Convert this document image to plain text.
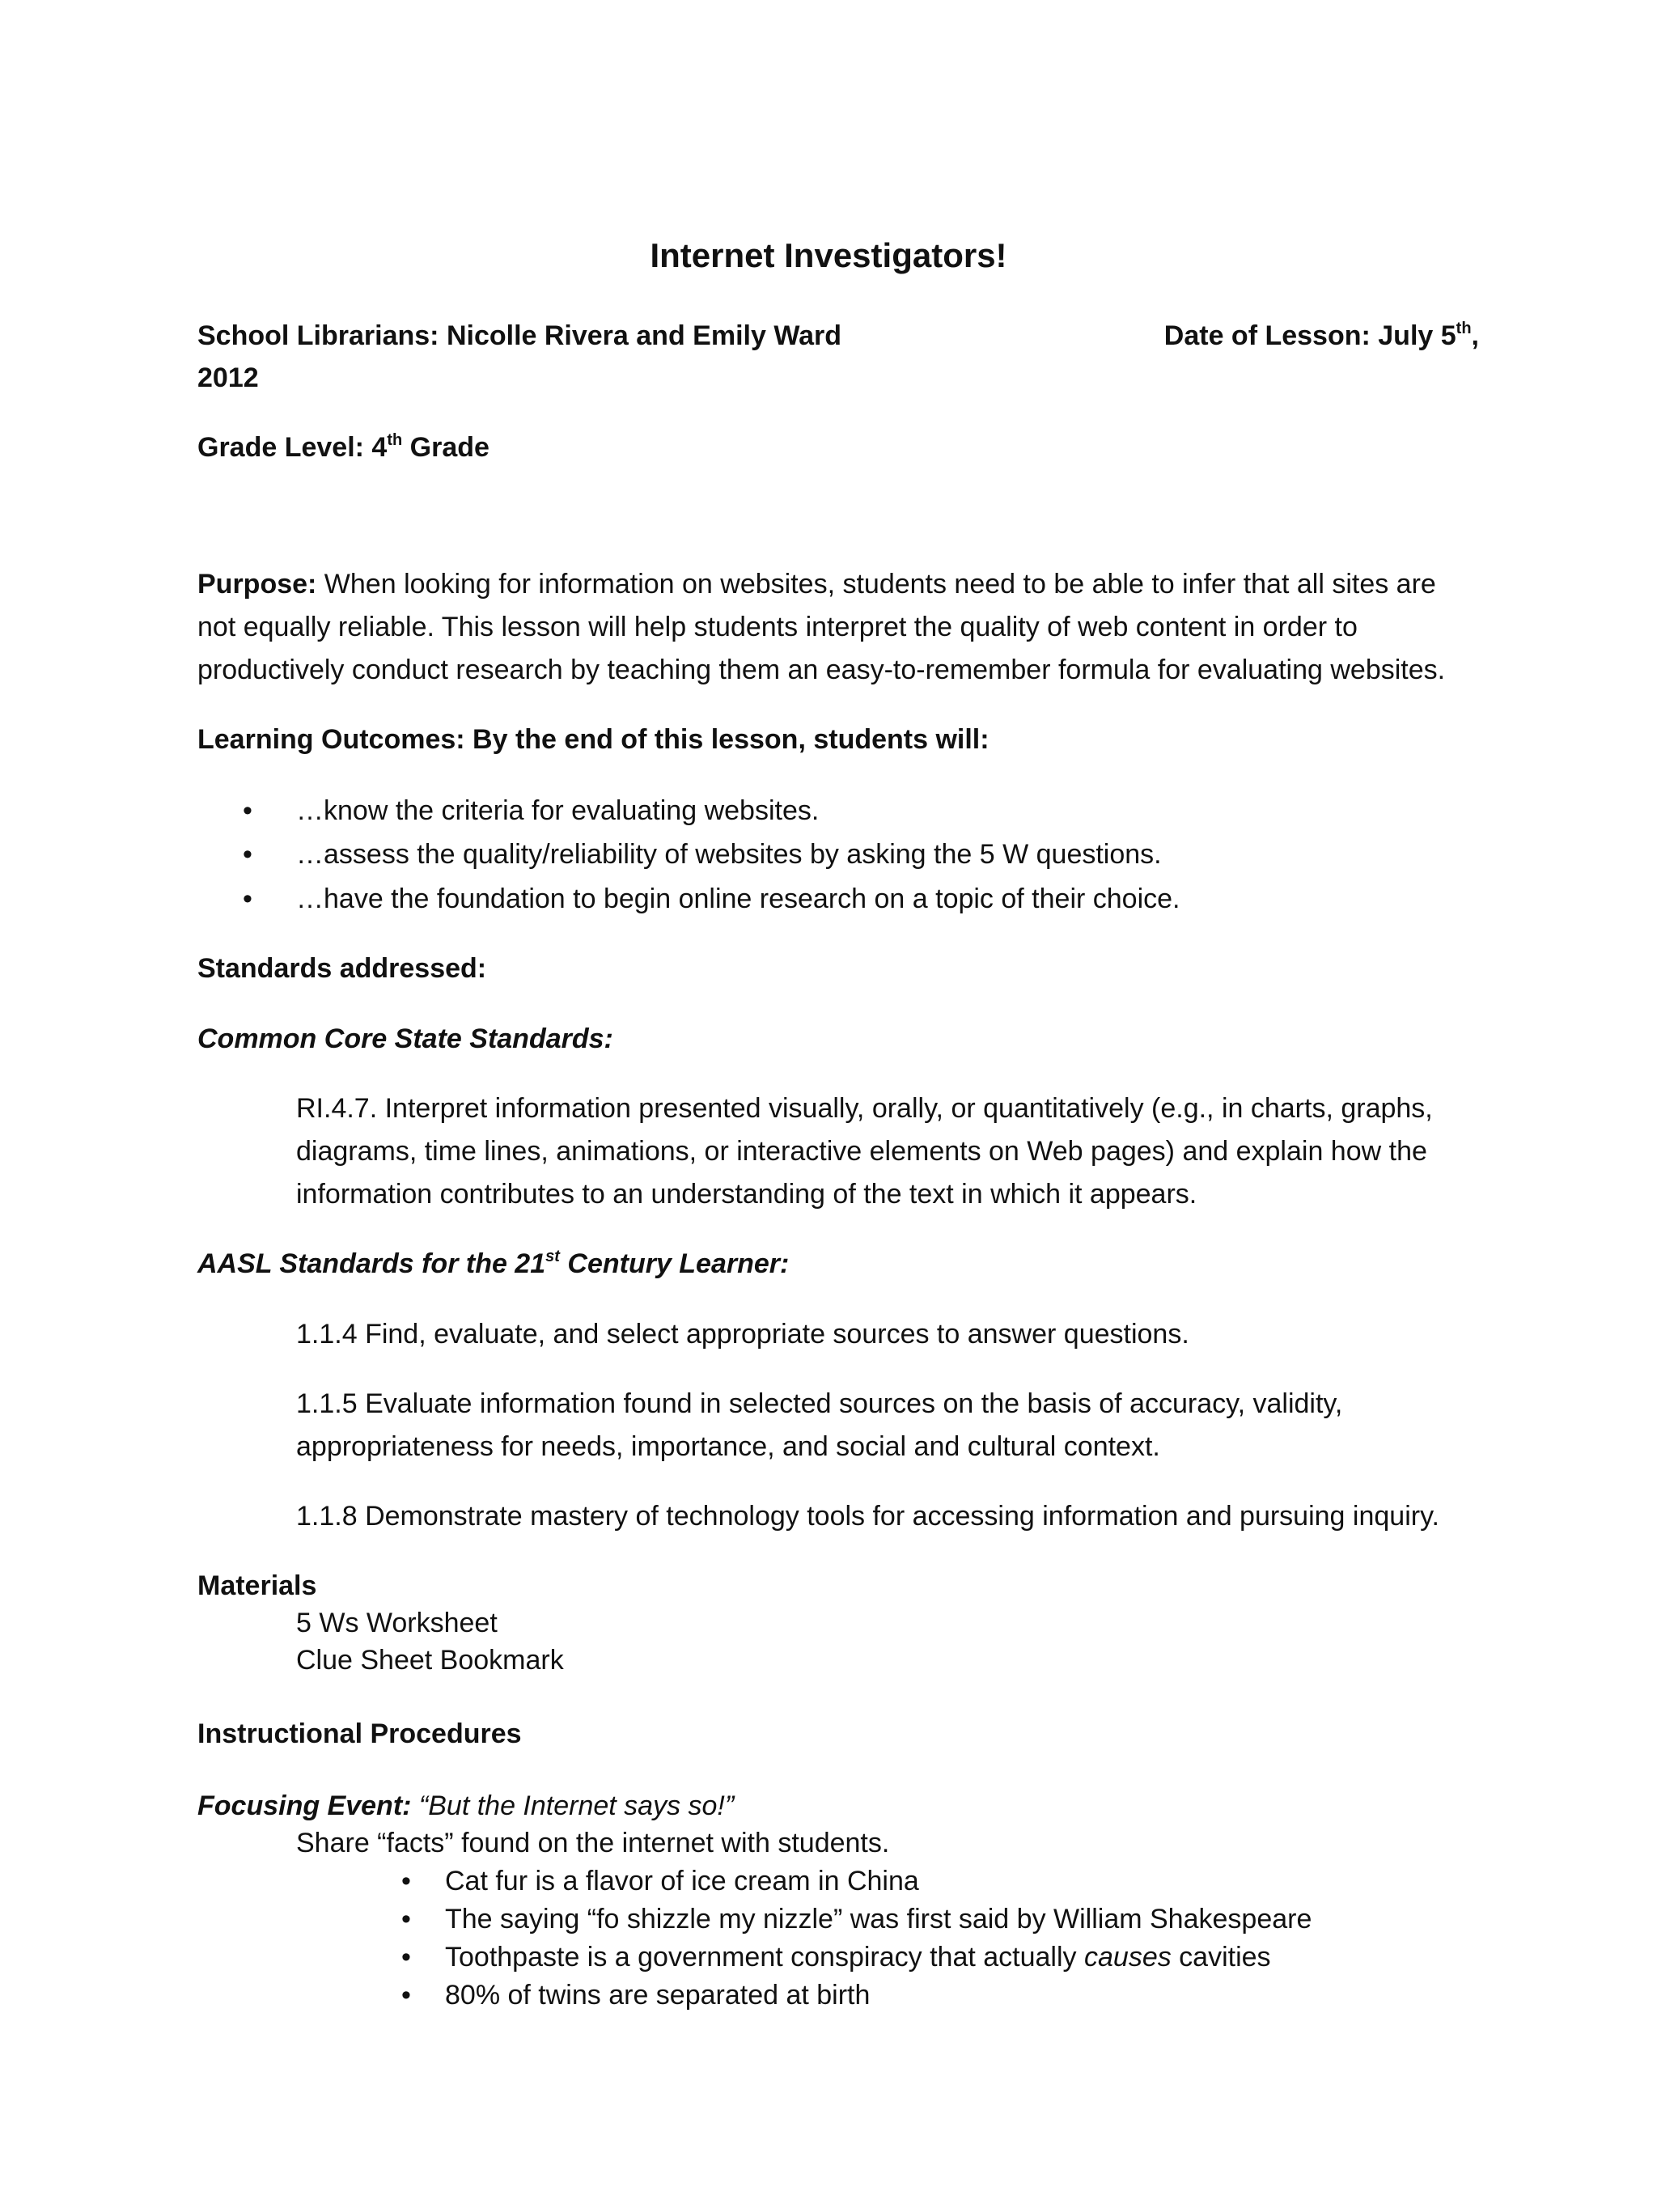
Internet Investigators!
School Librarians: Nicolle Rivera and Emily Ward	Date of Lesson: July 5th,
2012
Grade Level: 4th Grade
Purpose: When looking for information on websites, students need to be able to infer that all sites are
not equally reliable. This lesson will help students interpret the quality of web content in order to
productively conduct research by teaching them an easy-to-remember formula for evaluating websites.
Learning Outcomes: By the end of this lesson, students will:
• …know the criteria for evaluating websites.
• …assess the quality/reliability of websites by asking the 5 W questions.
• …have the foundation to begin online research on a topic of their choice.
Standards addressed:
Common Core State Standards:
RI.4.7. Interpret information presented visually, orally, or quantitatively (e.g., in charts, graphs,
diagrams, time lines, animations, or interactive elements on Web pages) and explain how the
information contributes to an understanding of the text in which it appears.
AASL Standards for the 21st Century Learner:
1.1.4 Find, evaluate, and select appropriate sources to answer questions.
1.1.5 Evaluate information found in selected sources on the basis of accuracy, validity,
appropriateness for needs, importance, and social and cultural context.
1.1.8 Demonstrate mastery of technology tools for accessing information and pursuing inquiry.
Materials
5 Ws Worksheet
Clue Sheet Bookmark
Instructional Procedures
Focusing Event: “But the Internet says so!”
Share “facts” found on the internet with students.
• Cat fur is a flavor of ice cream in China
• The saying “fo shizzle my nizzle” was first said by William Shakespeare
• Toothpaste is a government conspiracy that actually causes cavities
• 80% of twins are separated at birth
